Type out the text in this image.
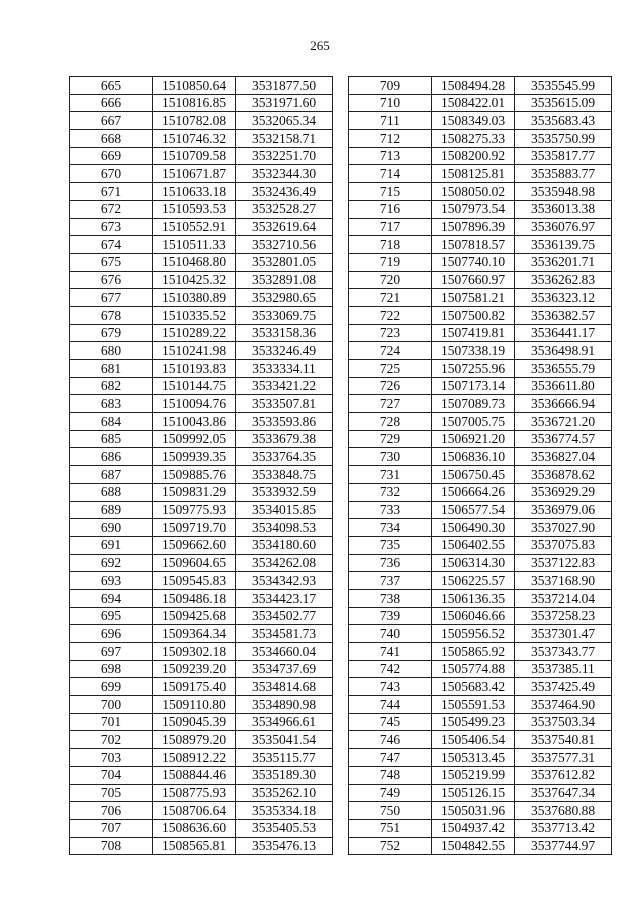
265
665	1510850.64	3531877.50
666	1510816.85	3531971.60
667	1510782.08	3532065.34
668	1510746.32	3532158.71
669	1510709.58	3532251.70
670	1510671.87	3532344.30
671	1510633.18	3532436.49
672	1510593.53	3532528.27
673	1510552.91	3532619.64
674	1510511.33	3532710.56
675	1510468.80	3532801.05
676	1510425.32	3532891.08
677	1510380.89	3532980.65
678	1510335.52	3533069.75
679	1510289.22	3533158.36
680	1510241.98	3533246.49
681	1510193.83	3533334.11
682	1510144.75	3533421.22
683	1510094.76	3533507.81
684	1510043.86	3533593.86
685	1509992.05	3533679.38
686	1509939.35	3533764.35
687	1509885.76	3533848.75
688	1509831.29	3533932.59
689	1509775.93	3534015.85
690	1509719.70	3534098.53
691	1509662.60	3534180.60
692	1509604.65	3534262.08
693	1509545.83	3534342.93
694	1509486.18	3534423.17
695	1509425.68	3534502.77
696	1509364.34	3534581.73
697	1509302.18	3534660.04
698	1509239.20	3534737.69
699	1509175.40	3534814.68
700	1509110.80	3534890.98
701	1509045.39	3534966.61
702	1508979.20	3535041.54
703	1508912.22	3535115.77
704	1508844.46	3535189.30
705	1508775.93	3535262.10
706	1508706.64	3535334.18
707	1508636.60	3535405.53
708	1508565.81	3535476.13
709	1508494.28	3535545.99
710	1508422.01	3535615.09
711	1508349.03	3535683.43
712	1508275.33	3535750.99
713	1508200.92	3535817.77
714	1508125.81	3535883.77
715	1508050.02	3535948.98
716	1507973.54	3536013.38
717	1507896.39	3536076.97
718	1507818.57	3536139.75
719	1507740.10	3536201.71
720	1507660.97	3536262.83
721	1507581.21	3536323.12
722	1507500.82	3536382.57
723	1507419.81	3536441.17
724	1507338.19	3536498.91
725	1507255.96	3536555.79
726	1507173.14	3536611.80
727	1507089.73	3536666.94
728	1507005.75	3536721.20
729	1506921.20	3536774.57
730	1506836.10	3536827.04
731	1506750.45	3536878.62
732	1506664.26	3536929.29
733	1506577.54	3536979.06
734	1506490.30	3537027.90
735	1506402.55	3537075.83
736	1506314.30	3537122.83
737	1506225.57	3537168.90
738	1506136.35	3537214.04
739	1506046.66	3537258.23
740	1505956.52	3537301.47
741	1505865.92	3537343.77
742	1505774.88	3537385.11
743	1505683.42	3537425.49
744	1505591.53	3537464.90
745	1505499.23	3537503.34
746	1505406.54	3537540.81
747	1505313.45	3537577.31
748	1505219.99	3537612.82
749	1505126.15	3537647.34
750	1505031.96	3537680.88
751	1504937.42	3537713.42
752	1504842.55	3537744.97
